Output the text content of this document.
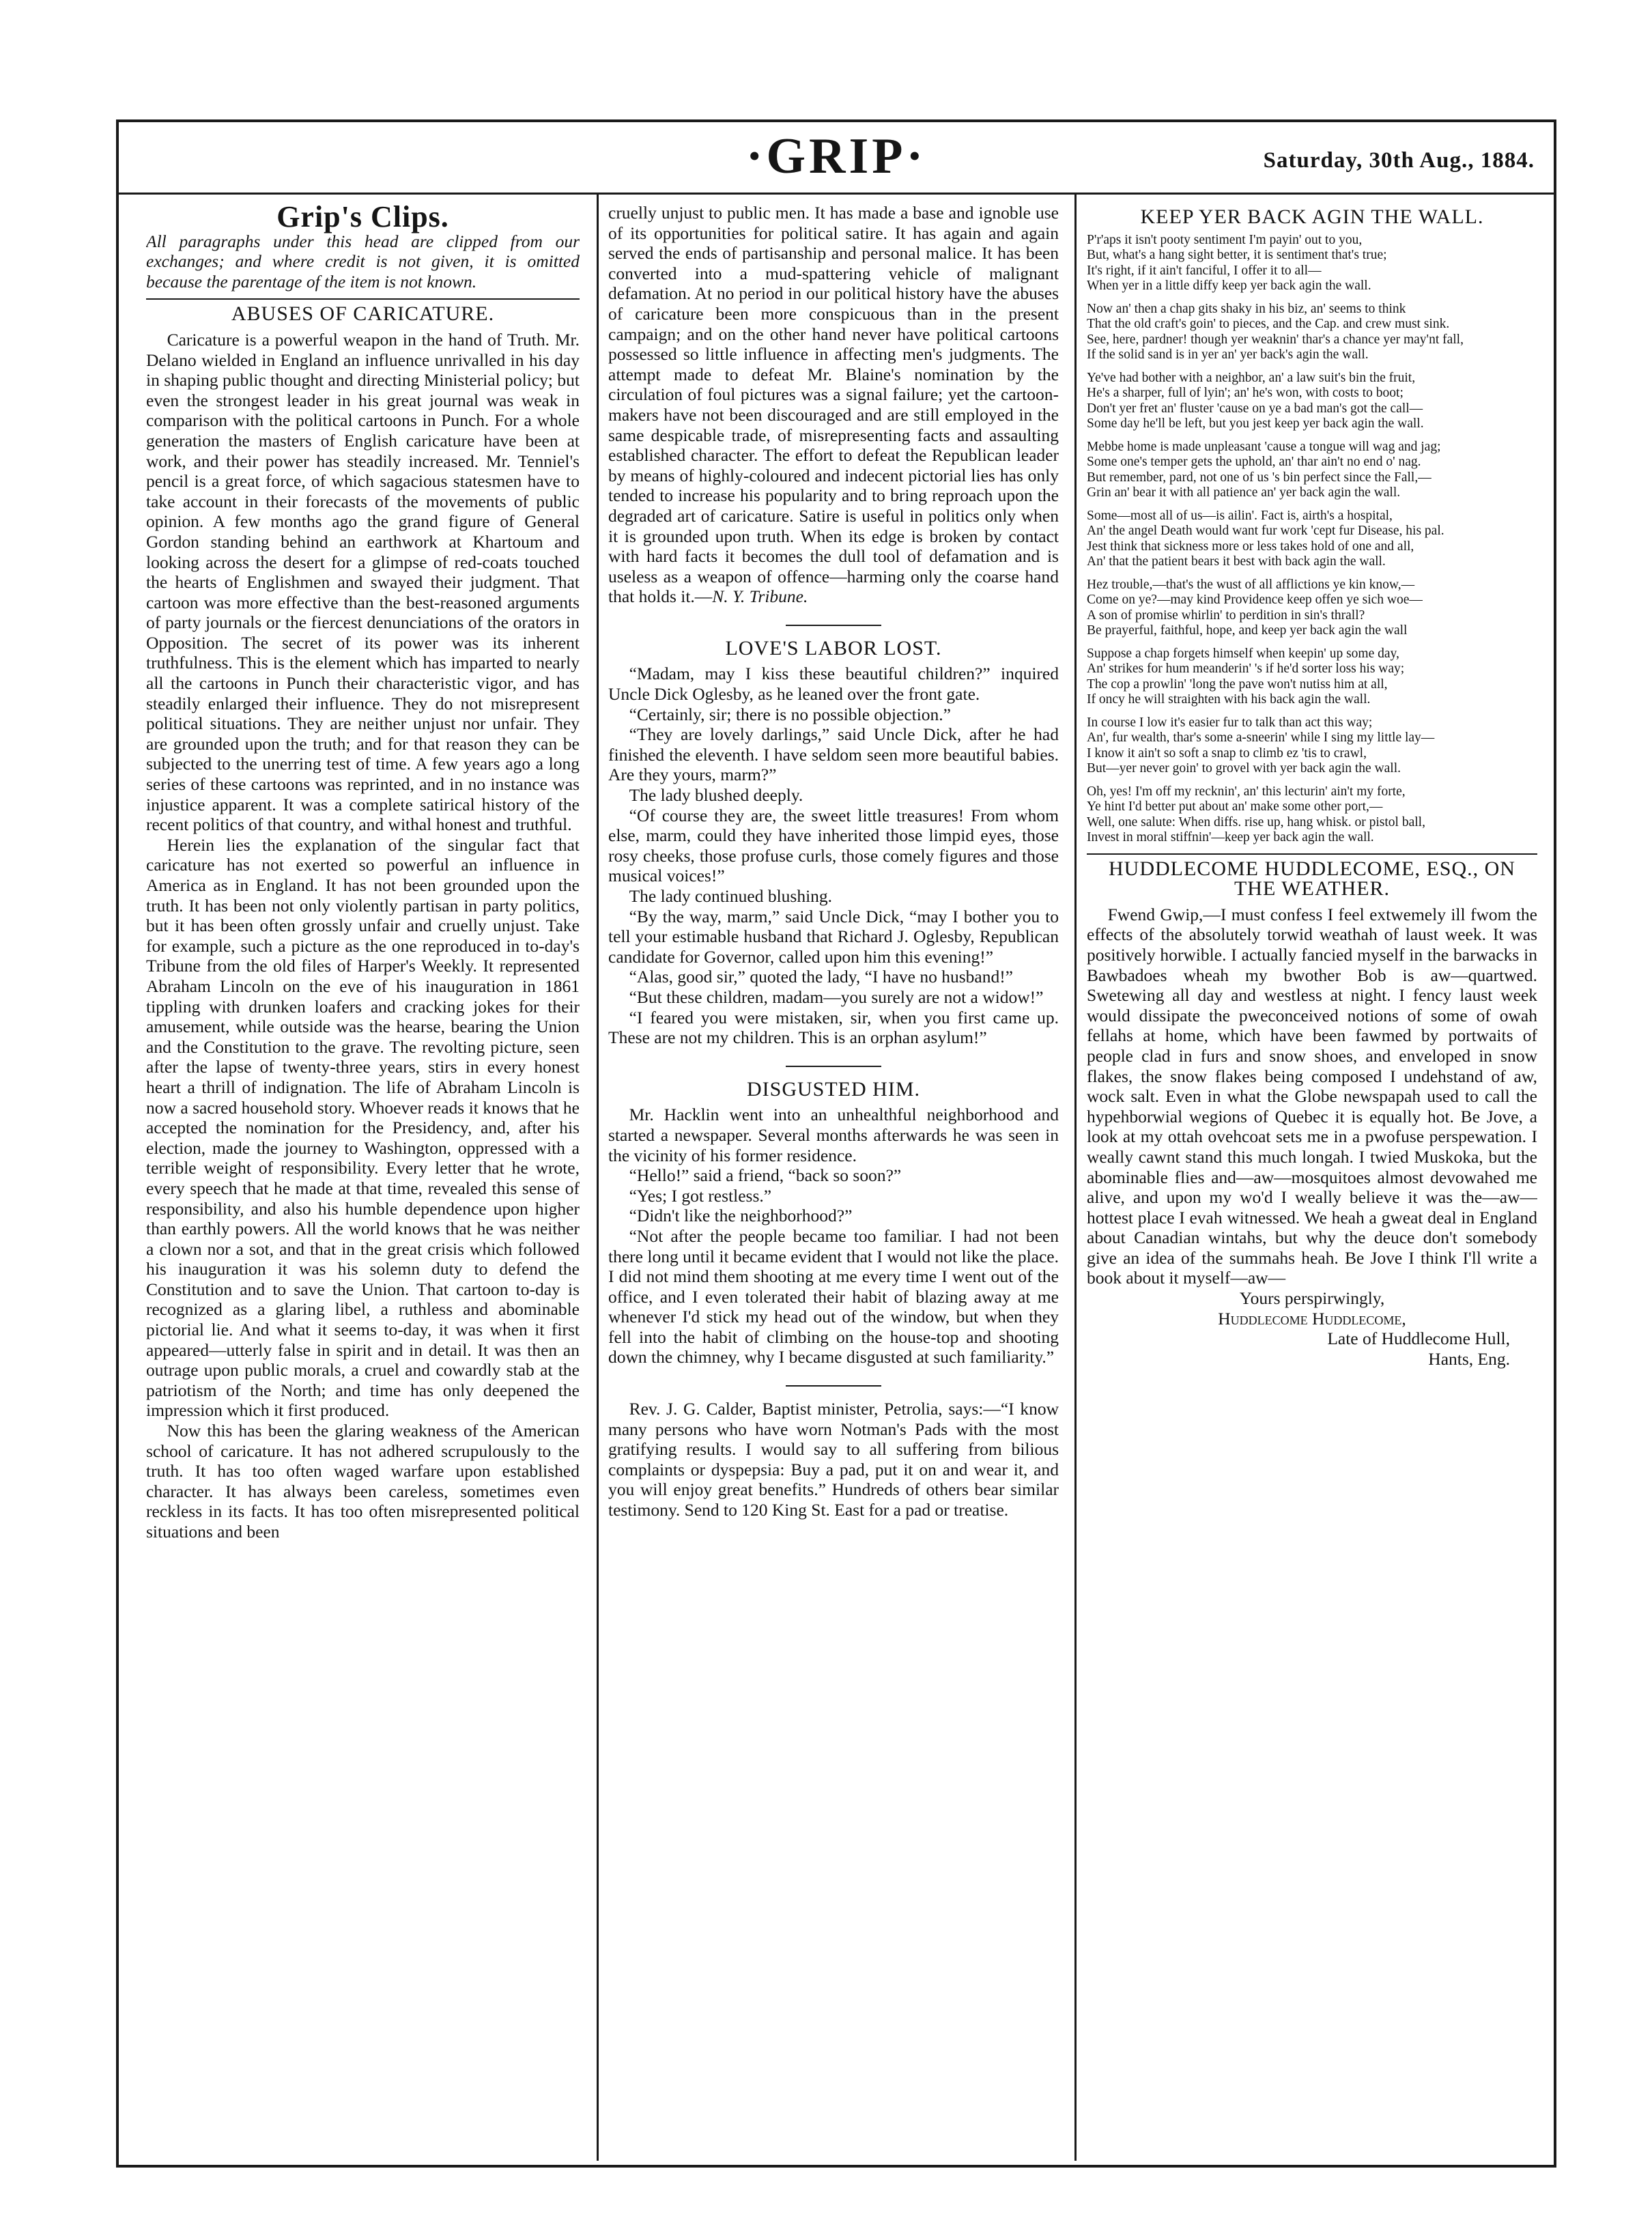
·GRIP·	Saturday, 30th Aug., 1884.
Grip's Clips.
All paragraphs under this head are clipped from our exchanges; and where credit is not given, it is omitted because the parentage of the item is not known.
ABUSES OF CARICATURE.

Caricature is a powerful weapon in the hand of Truth. Mr. Delano wielded in England an influence unrivalled in his day in shaping public thought and directing Ministerial policy; but even the strongest leader in his great journal was weak in comparison with the political cartoons in Punch. For a whole generation the masters of English caricature have been at work, and their power has steadily increased. Mr. Tenniel's pencil is a great force, of which sagacious statesmen have to take account in their forecasts of the movements of public opinion. A few months ago the grand figure of General Gordon standing behind an earthwork at Khartoum and looking across the desert for a glimpse of red-coats touched the hearts of Englishmen and swayed their judgment. That cartoon was more effective than the best-reasoned arguments of party journals or the fiercest denunciations of the orators in Opposition. The secret of its power was its inherent truthfulness. This is the element which has imparted to nearly all the cartoons in Punch their characteristic vigor, and has steadily enlarged their influence. They do not misrepresent political situations. They are neither unjust nor unfair. They are grounded upon the truth; and for that reason they can be subjected to the unerring test of time. A few years ago a long series of these cartoons was reprinted, and in no instance was injustice apparent. It was a complete satirical history of the recent politics of that country, and withal honest and truthful.

Herein lies the explanation of the singular fact that caricature has not exerted so powerful an influence in America as in England. It has not been grounded upon the truth. It has been not only violently partisan in party politics, but it has been often grossly unfair and cruelly unjust. Take for example, such a picture as the one reproduced in to-day's Tribune from the old files of Harper's Weekly. It represented Abraham Lincoln on the eve of his inauguration in 1861 tippling with drunken loafers and cracking jokes for their amusement, while outside was the hearse, bearing the Union and the Constitution to the grave. The revolting picture, seen after the lapse of twenty-three years, stirs in every honest heart a thrill of indignation. The life of Abraham Lincoln is now a sacred household story. Whoever reads it knows that he accepted the nomination for the Presidency, and, after his election, made the journey to Washington, oppressed with a terrible weight of responsibility. Every letter that he wrote, every speech that he made at that time, revealed this sense of responsibility, and also his humble dependence upon higher than earthly powers. All the world knows that he was neither a clown nor a sot, and that in the great crisis which followed his inauguration it was his solemn duty to defend the Constitution and to save the Union. That cartoon to-day is recognized as a glaring libel, a ruthless and abominable pictorial lie. And what it seems to-day, it was when it first appeared—utterly false in spirit and in detail. It was then an outrage upon public morals, a cruel and cowardly stab at the patriotism of the North; and time has only deepened the impression which it first produced.

Now this has been the glaring weakness of the American school of caricature. It has not adhered scrupulously to the truth. It has too often waged warfare upon established character. It has always been careless, sometimes even reckless in its facts. It has too often misrepresented political situations and been

cruelly unjust to public men. It has made a base and ignoble use of its opportunities for political satire. It has again and again served the ends of partisanship and personal malice. It has been converted into a mud-spattering vehicle of malignant defamation. At no period in our political history have the abuses of caricature been more conspicuous than in the present campaign; and on the other hand never have political cartoons possessed so little influence in affecting men's judgments. The attempt made to defeat Mr. Blaine's nomination by the circulation of foul pictures was a signal failure; yet the cartoon-makers have not been discouraged and are still employed in the same despicable trade, of misrepresenting facts and assaulting established character. The effort to defeat the Republican leader by means of highly-coloured and indecent pictorial lies has only tended to increase his popularity and to bring reproach upon the degraded art of caricature. Satire is useful in politics only when it is grounded upon truth. When its edge is broken by contact with hard facts it becomes the dull tool of defamation and is useless as a weapon of offence—harming only the coarse hand that holds it.—N. Y. Tribune.

LOVE'S LABOR LOST.

“Madam, may I kiss these beautiful children?” inquired Uncle Dick Oglesby, as he leaned over the front gate.

“Certainly, sir; there is no possible objection.”

“They are lovely darlings,” said Uncle Dick, after he had finished the eleventh. I have seldom seen more beautiful babies. Are they yours, marm?”

The lady blushed deeply.

“Of course they are, the sweet little treasures! From whom else, marm, could they have inherited those limpid eyes, those rosy cheeks, those profuse curls, those comely figures and those musical voices!”

The lady continued blushing.

“By the way, marm,” said Uncle Dick, “may I bother you to tell your estimable husband that Richard J. Oglesby, Republican candidate for Governor, called upon him this evening!”

“Alas, good sir,” quoted the lady, “I have no husband!”

“But these children, madam—you surely are not a widow!”

“I feared you were mistaken, sir, when you first came up. These are not my children. This is an orphan asylum!”

DISGUSTED HIM.

Mr. Hacklin went into an unhealthful neighborhood and started a newspaper. Several months afterwards he was seen in the vicinity of his former residence.

“Hello!” said a friend, “back so soon?”

“Yes; I got restless.”

“Didn't like the neighborhood?”

“Not after the people became too familiar. I had not been there long until it became evident that I would not like the place. I did not mind them shooting at me every time I went out of the office, and I even tolerated their habit of blazing away at me whenever I'd stick my head out of the window, but when they fell into the habit of climbing on the house-top and shooting down the chimney, why I became disgusted at such familiarity.”

Rev. J. G. Calder, Baptist minister, Petrolia, says:—“I know many persons who have worn Notman's Pads with the most gratifying results. I would say to all suffering from bilious complaints or dyspepsia: Buy a pad, put it on and wear it, and you will enjoy great benefits.” Hundreds of others bear similar testimony. Send to 120 King St. East for a pad or treatise.

KEEP YER BACK AGIN THE WALL.
P'r'aps it isn't pooty sentiment I'm payin' out to you,
But, what's a hang sight better, it is sentiment that's true;
It's right, if it ain't fanciful, I offer it to all—
When yer in a little diffy keep yer back agin the wall.
Now an' then a chap gits shaky in his biz, an' seems to think
That the old craft's goin' to pieces, and the Cap. and crew must sink.
See, here, pardner! though yer weaknin' thar's a chance yer may'nt fall,
If the solid sand is in yer an' yer back's agin the wall.
Ye've had bother with a neighbor, an' a law suit's bin the fruit,
He's a sharper, full of lyin'; an' he's won, with costs to boot;
Don't yer fret an' fluster 'cause on ye a bad man's got the call—
Some day he'll be left, but you jest keep yer back agin the wall.
Mebbe home is made unpleasant 'cause a tongue will wag and jag;
Some one's temper gets the uphold, an' thar ain't no end o' nag.
But remember, pard, not one of us 's bin perfect since the Fall,—
Grin an' bear it with all patience an' yer back agin the wall.
Some—most all of us—is ailin'. Fact is, airth's a hospital,
An' the angel Death would want fur work 'cept fur Disease, his pal.
Jest think that sickness more or less takes hold of one and all,
An' that the patient bears it best with back agin the wall.
Hez trouble,—that's the wust of all afflictions ye kin know,—
Come on ye?—may kind Providence keep offen ye sich woe—
A son of promise whirlin' to perdition in sin's thrall?
Be prayerful, faithful, hope, and keep yer back agin the wall
Suppose a chap forgets himself when keepin' up some day,
An' strikes for hum meanderin' 's if he'd sorter loss his way;
The cop a prowlin' 'long the pave won't nutiss him at all,
If oncy he will straighten with his back agin the wall.
In course I low it's easier fur to talk than act this way;
An', fur wealth, thar's some a-sneerin' while I sing my little lay—
I know it ain't so soft a snap to climb ez 'tis to crawl,
But—yer never goin' to grovel with yer back agin the wall.
Oh, yes! I'm off my recknin', an' this lecturin' ain't my forte,
Ye hint I'd better put about an' make some other port,—
Well, one salute: When diffs. rise up, hang whisk. or pistol ball,
Invest in moral stiffnin'—keep yer back agin the wall.
HUDDLECOME HUDDLECOME, ESQ., ON THE WEATHER.

Fwend Gwip,—I must confess I feel extwemely ill fwom the effects of the absolutely torwid weathah of laust week. It was positively horwible. I actually fancied myself in the barwacks in Bawbadoes wheah my bwother Bob is aw—quartwed. Swetewing all day and westless at night. I fency laust week would dissipate the pweconceived notions of some of owah fellahs at home, which have been fawmed by portwaits of people clad in furs and snow shoes, and enveloped in snow flakes, the snow flakes being composed I undehstand of aw, wock salt. Even in what the Globe newspapah used to call the hypehborwial wegions of Quebec it is equally hot. Be Jove, a look at my ottah ovehcoat sets me in a pwofuse perspewation. I weally cawnt stand this much longah. I twied Muskoka, but the abominable flies and—aw—mosquitoes almost devowahed me alive, and upon my wo'd I weally believe it was the—aw—hottest place I evah witnessed. We heah a gweat deal in England about Canadian wintahs, but why the deuce don't somebody give an idea of the summahs heah. Be Jove I think I'll write a book about it myself—aw—

Yours perspirwingly,
Huddlecome Huddlecome,
Late of Huddlecome Hull,
Hants, Eng.
